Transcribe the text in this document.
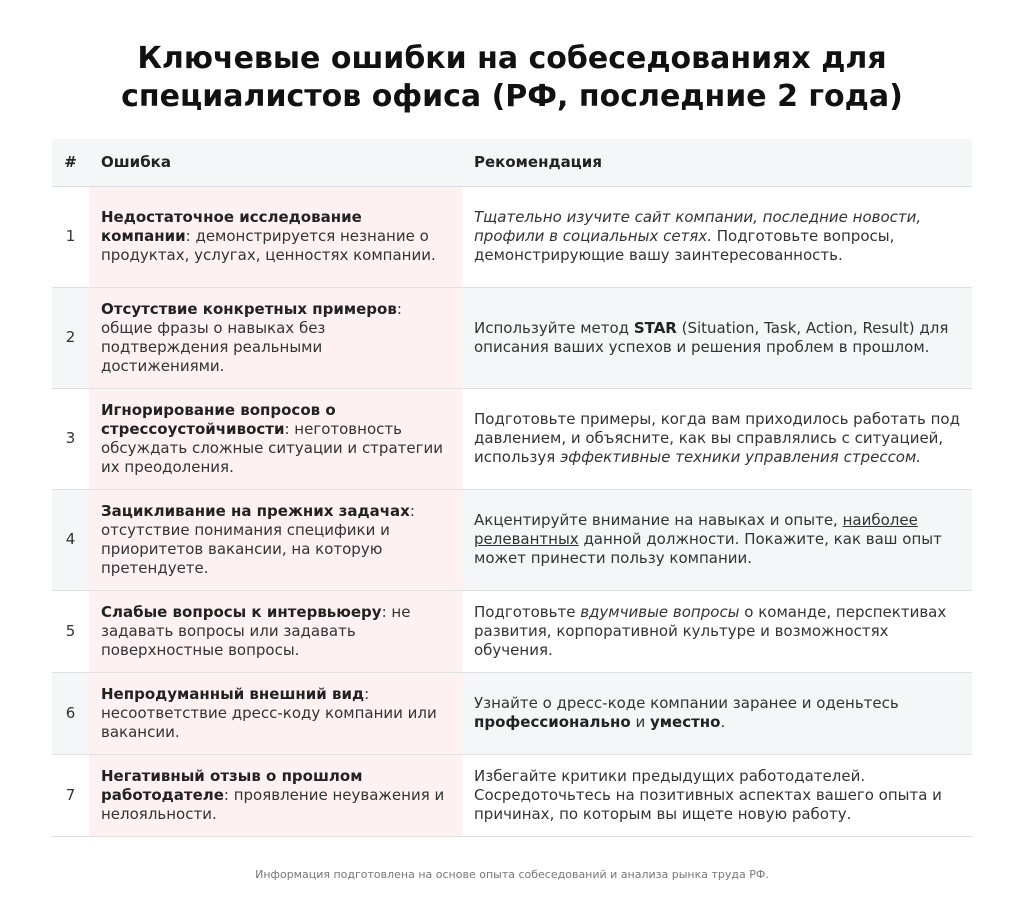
Ключевые ошибки на собеседованиях для
специалистов офиса (РФ, последние 2 года)
#	Ошибка	Рекомендация
1	Недостаточное исследование компании: демонстрируется незнание о продуктах, услугах, ценностях компании.	Тщательно изучите сайт компании, последние новости, профили в социальных сетях. Подготовьте вопросы, демонстрирующие вашу заинтересованность.
2	Отсутствие конкретных примеров: общие фразы о навыках без подтверждения реальными достижениями.	Используйте метод STAR (Situation, Task, Action, Result) для описания ваших успехов и решения проблем в прошлом.
3	Игнорирование вопросов о стрессоустойчивости: неготовность обсуждать сложные ситуации и стратегии их преодоления.	Подготовьте примеры, когда вам приходилось работать под давлением, и объясните, как вы справлялись с ситуацией, используя эффективные техники управления стрессом.
4	Зацикливание на прежних задачах: отсутствие понимания специфики и приоритетов вакансии, на которую претендуете.	Акцентируйте внимание на навыках и опыте, наиболее релевантных данной должности. Покажите, как ваш опыт может принести пользу компании.
5	Слабые вопросы к интервьюеру: не задавать вопросы или задавать поверхностные вопросы.	Подготовьте вдумчивые вопросы о команде, перспективах развития, корпоративной культуре и возможностях обучения.
6	Непродуманный внешний вид: несоответствие дресс-коду компании или вакансии.	Узнайте о дресс-коде компании заранее и оденьтесь профессионально и уместно.
7	Негативный отзыв о прошлом работодателе: проявление неуважения и нелояльности.	Избегайте критики предыдущих работодателей. Сосредоточьтесь на позитивных аспектах вашего опыта и причинах, по которым вы ищете новую работу.
Информация подготовлена на основе опыта собеседований и анализа рынка труда РФ.
